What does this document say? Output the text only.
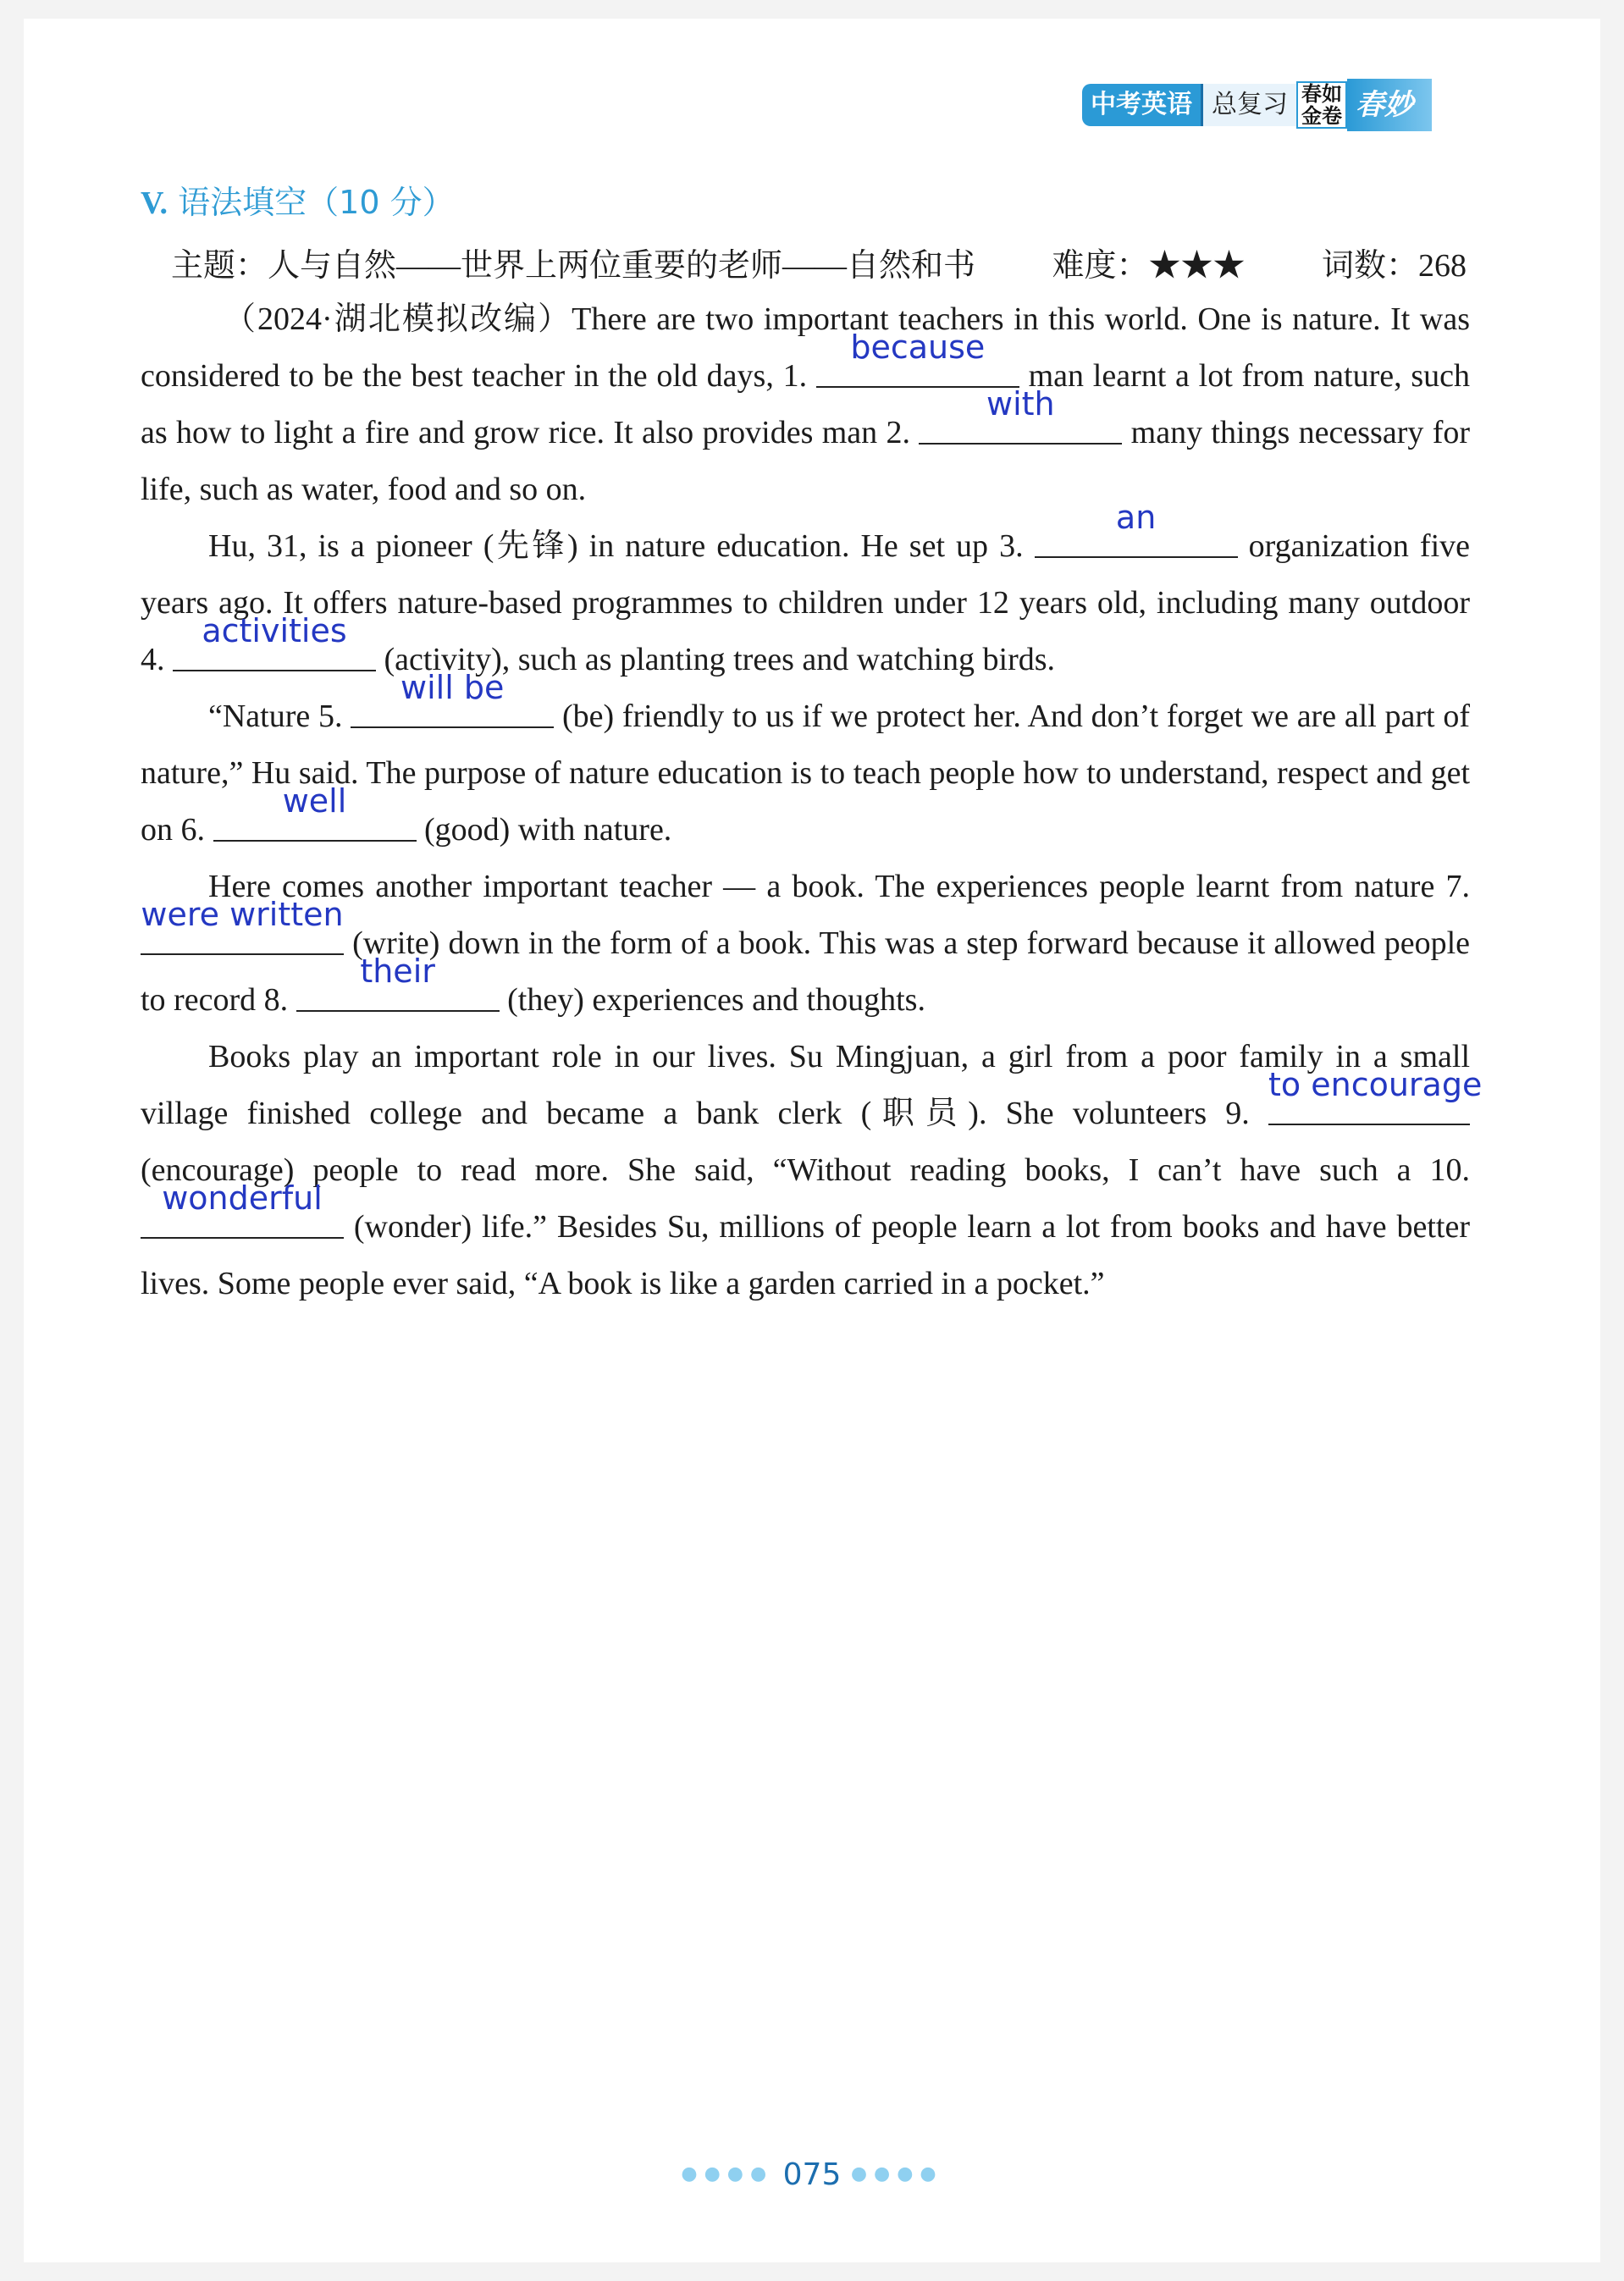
中考英语 总复习 春如
金卷 春妙
V. 语法填空（10 分）
主题：人与自然——世界上两位重要的老师——自然和书 难度：★★★ 词数：268

（2024·湖北模拟改编）There are two important teachers in this world. One is nature. It was considered to be the best teacher in the old days, 1.
because
man learnt a lot from nature, such as how to light a fire and grow rice. It also provides man 2.
with
many things necessary for life, such as water, food and so on.

Hu, 31, is a pioneer (先锋) in nature education. He set up 3.
an
organization five years ago. It offers nature-based programmes to children under 12 years old, including many outdoor 4.
activities
(activity), such as planting trees and watching birds.

“Nature 5.
will be
(be) friendly to us if we protect her. And don’t forget we are all part of nature,” Hu said. The purpose of nature education is to teach people how to understand, respect and get on 6.
well
(good) with nature.

Here comes another important teacher — a book. The experiences people learnt from nature 7.
were written
(write) down in the form of a book. This was a step forward because it allowed people to record 8.
their
(they) experiences and thoughts.

Books play an important role in our lives. Su Mingjuan, a girl from a poor family in a small village finished college and became a bank clerk (职员). She volunteers 9.
to encourage
(encourage) people to read more. She said, “Without reading books, I can’t have such a 10.
wonderful
(wonder) life.” Besides Su, millions of people learn a lot from books and have better lives. Some people ever said, “A book is like a garden carried in a pocket.”

●●●● 075 ●●●●
